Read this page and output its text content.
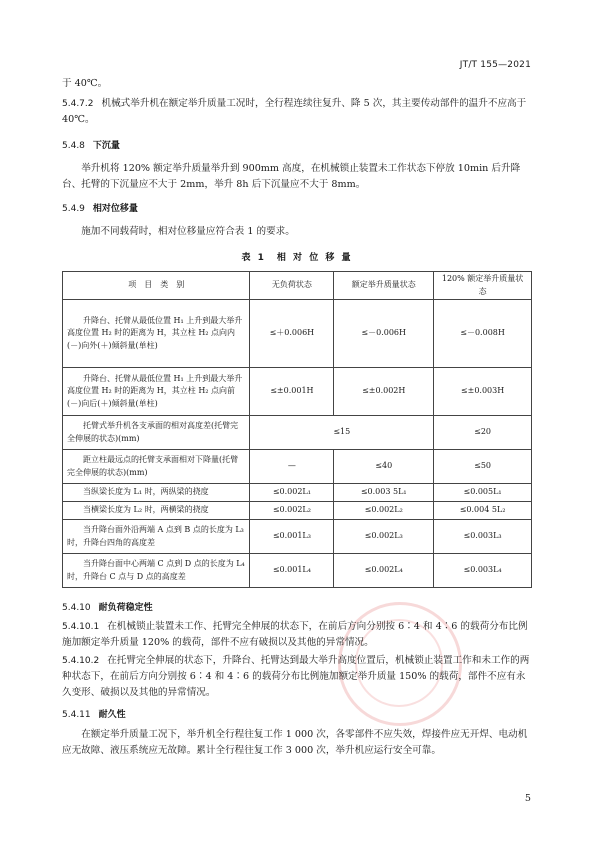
JT/T 155—2021
于 40℃。
5.4.7.2 机械式举升机在额定举升质量工况时，全行程连续往复升、降 5 次，其主要传动部件的温升不应高于 40℃。
5.4.8 下沉量
举升机将 120% 额定举升质量举升到 900mm 高度，在机械锁止装置未工作状态下停放 10min 后升降台、托臂的下沉量应不大于 2mm，举升 8h 后下沉量应不大于 8mm。
5.4.9 相对位移量
施加不同载荷时，相对位移量应符合表 1 的要求。
表 1　相 对 位 移 量
项　目　类　别	无负荷状态	额定举升质量状态	120% 额定举升质量状态
升降台、托臂从最低位置 H₁ 上升到最大举升高度位置 H₂ 时的距离为 H，其立柱 H₂ 点向内(－)向外(＋)倾斜量(单柱)	≤＋0.006H	≤－0.006H	≤－0.008H
升降台、托臂从最低位置 H₁ 上升到最大举升高度位置 H₂ 时的距离为 H，其立柱 H₂ 点向前(－)向后(＋)倾斜量(单柱)	≤±0.001H	≤±0.002H	≤±0.003H
托臂式举升机各支承面的相对高度差(托臂完全伸展的状态)(mm)	≤15		≤20
距立柱最远点的托臂支承面相对下降量(托臂完全伸展的状态)(mm)	—	≤40	≤50
当纵梁长度为 L₁ 时，两纵梁的挠度	≤0.002L₁	≤0.003 5L₁	≤0.005L₁
当横梁长度为 L₂ 时，两横梁的挠度	≤0.002L₂	≤0.002L₂	≤0.004 5L₂
当升降台面外沿两端 A 点到 B 点的长度为 L₃ 时，升降台四角的高度差	≤0.001L₃	≤0.002L₃	≤0.003L₃
当升降台面中心两端 C 点到 D 点的长度为 L₄ 时，升降台 C 点与 D 点的高度差	≤0.001L₄	≤0.002L₄	≤0.003L₄
5.4.10 耐负荷稳定性
5.4.10.1 在机械锁止装置未工作、托臂完全伸展的状态下，在前后方向分别按 6∶4 和 4∶6 的载荷分布比例施加额定举升质量 120% 的载荷，部件不应有破损以及其他的异常情况。
5.4.10.2 在托臂完全伸展的状态下，升降台、托臂达到最大举升高度位置后，机械锁止装置工作和未工作的两种状态下，在前后方向分别按 6∶4 和 4∶6 的载荷分布比例施加额定举升质量 150% 的载荷，部件不应有永久变形、破损以及其他的异常情况。
5.4.11 耐久性
在额定举升质量工况下，举升机全行程往复工作 1 000 次，各零部件不应失效，焊接件应无开焊、电动机应无故障、液压系统应无故障。累计全行程往复工作 3 000 次，举升机应运行安全可靠。
5
